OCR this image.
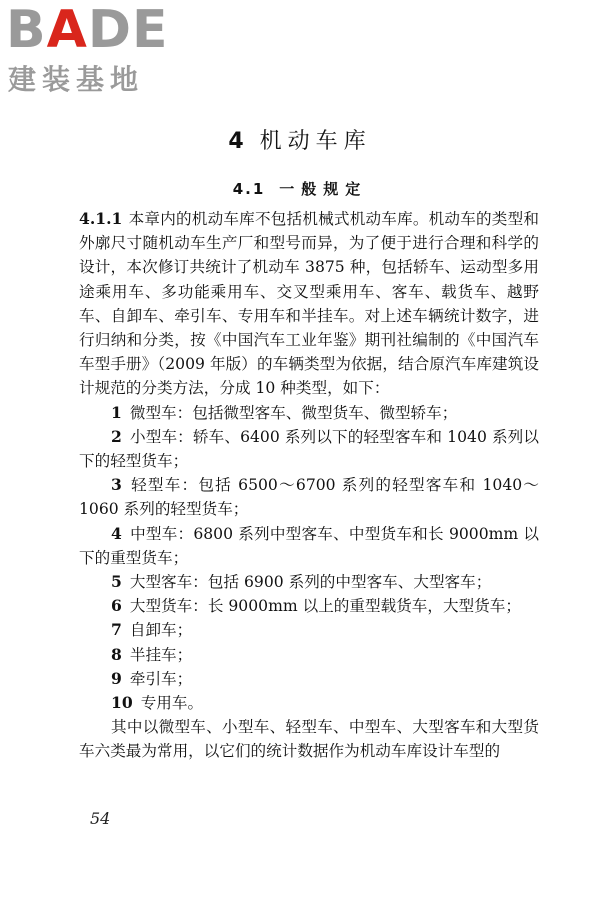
BADE
建装基地
4 机动车库
4.1 一般规定

4.1.1 本章内的机动车库不包括机械式机动车库。机动车的类型和外廓尺寸随机动车生产厂和型号而异，为了便于进行合理和科学的设计，本次修订共统计了机动车 3875 种，包括轿车、运动型多用途乘用车、多功能乘用车、交叉型乘用车、客车、载货车、越野车、自卸车、牵引车、专用车和半挂车。对上述车辆统计数字，进行归纳和分类，按《中国汽车工业年鉴》期刊社编制的《中国汽车车型手册》（2009 年版）的车辆类型为依据，结合原汽车库建筑设计规范的分类方法，分成 10 种类型，如下：

1 微型车：包括微型客车、微型货车、微型轿车；

2 小型车：轿车、6400 系列以下的轻型客车和 1040 系列以下的轻型货车；

3 轻型车：包括 6500～6700 系列的轻型客车和 1040～1060 系列的轻型货车；

4 中型车：6800 系列中型客车、中型货车和长 9000mm 以下的重型货车；

5 大型客车：包括 6900 系列的中型客车、大型客车；

6 大型货车：长 9000mm 以上的重型载货车，大型货车；

7 自卸车；

8 半挂车；

9 牵引车；

10 专用车。

其中以微型车、小型车、轻型车、中型车、大型客车和大型货车六类最为常用，以它们的统计数据作为机动车库设计车型的

54
